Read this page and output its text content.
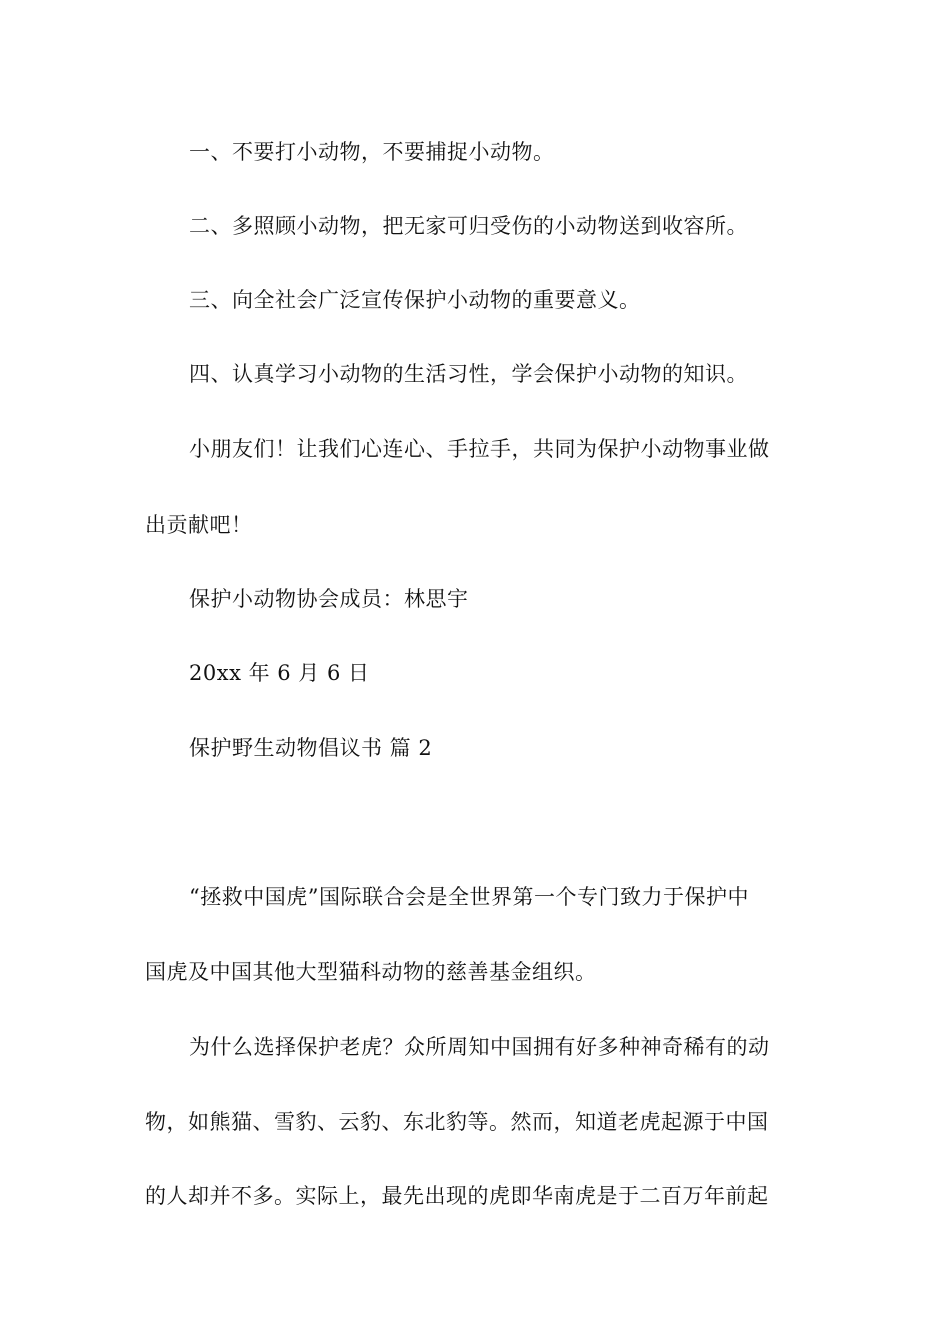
一、不要打小动物，不要捕捉小动物。
二、多照顾小动物，把无家可归受伤的小动物送到收容所。
三、向全社会广泛宣传保护小动物的重要意义。
四、认真学习小动物的生活习性，学会保护小动物的知识。
小朋友们！让我们心连心、手拉手，共同为保护小动物事业做
出贡献吧！
保护小动物协会成员：林思宇
20xx 年 6 月 6 日
保护野生动物倡议书 篇 2
“拯救中国虎”国际联合会是全世界第一个专门致力于保护中
国虎及中国其他大型猫科动物的慈善基金组织。
为什么选择保护老虎？众所周知中国拥有好多种神奇稀有的动
物，如熊猫、雪豹、云豹、东北豹等。然而，知道老虎起源于中国
的人却并不多。实际上，最先出现的虎即华南虎是于二百万年前起
